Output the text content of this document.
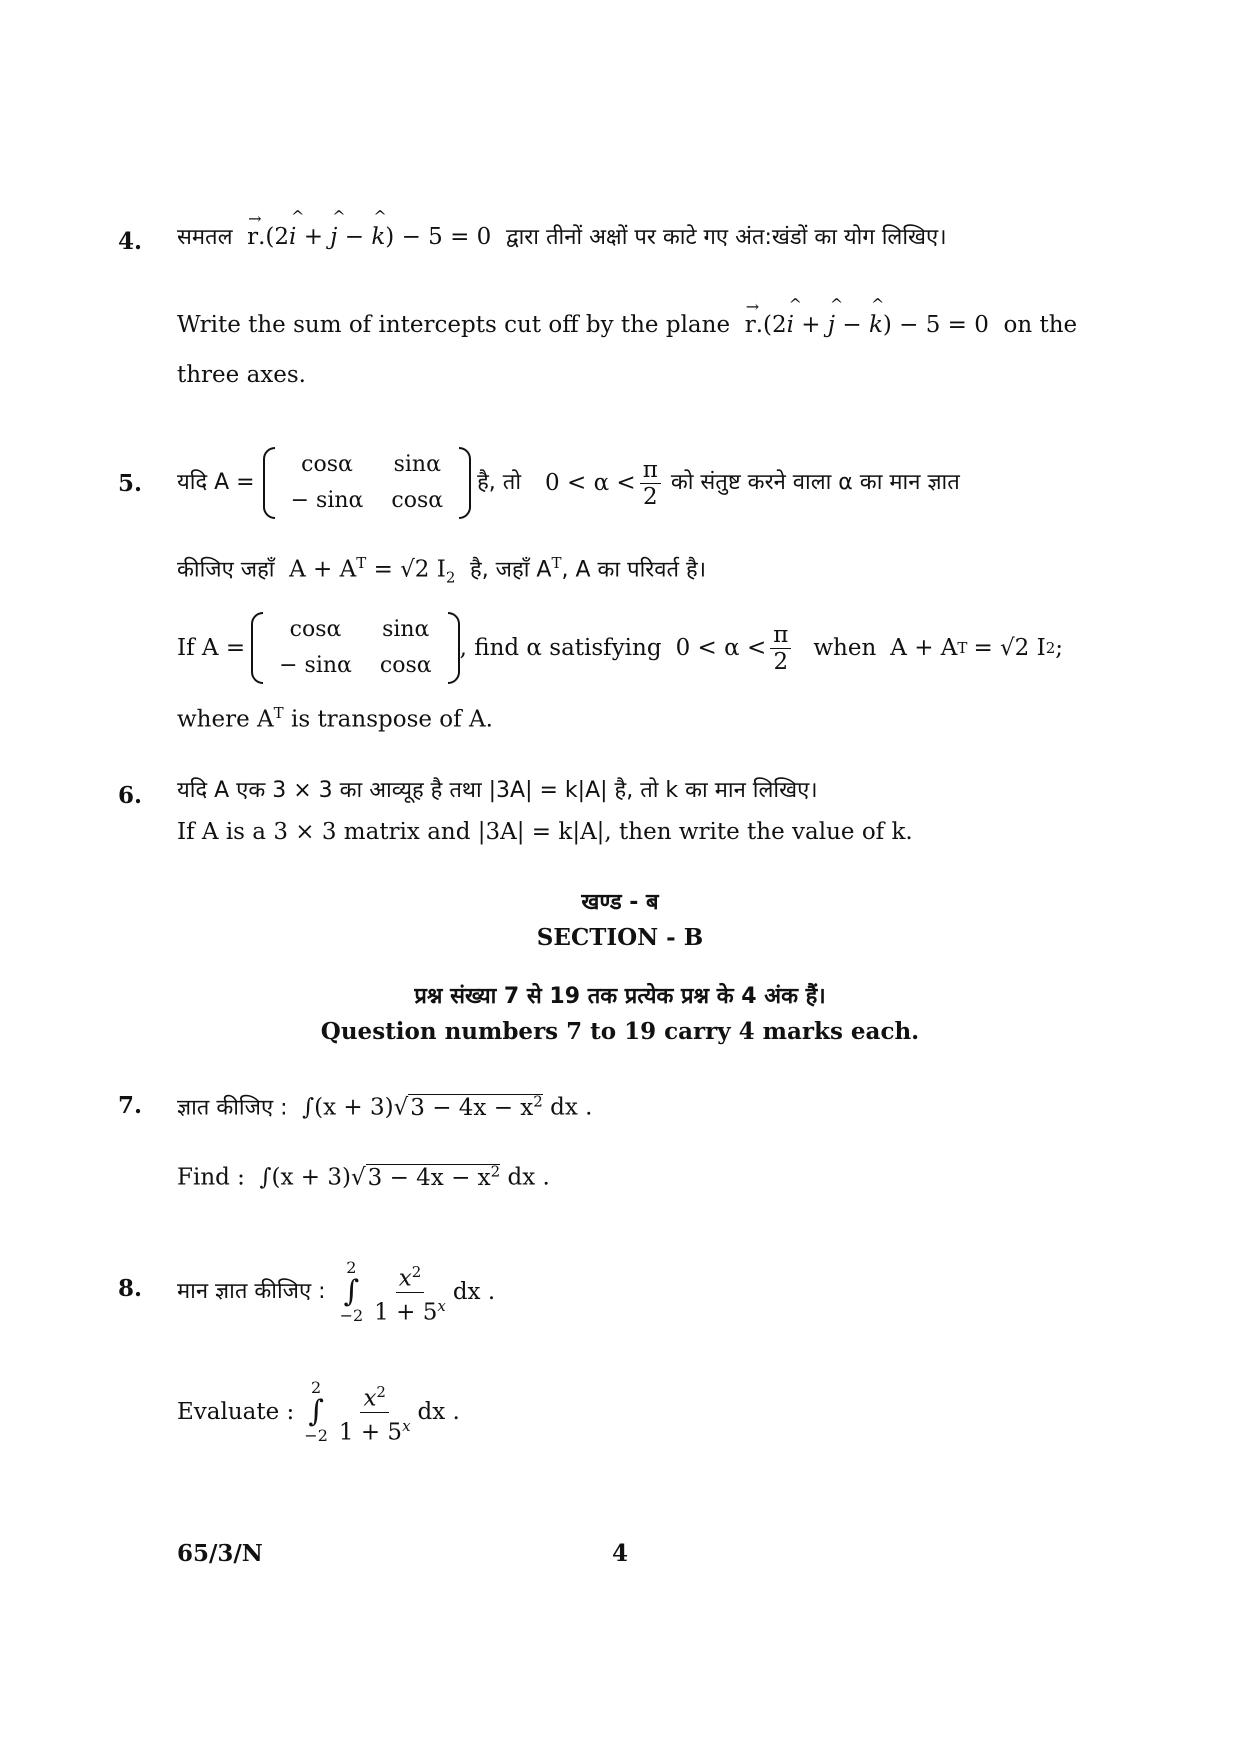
4. समतल
→
r.(2
^
i +
^
j −
^
k) − 5 = 0 द्वारा तीनों अक्षों पर काटे गए अंत:खंडों का योग लिखिए।
Write the sum of intercepts cut off by the plane
→
r.(2
^
i +
^
j −
^
k) − 5 = 0 on the
three axes.
5. यदि A =
cosα	sinα
− sinα	cosα
है, तो $0 < \alpha < \frac{\pi}{2}$ को संतुष्ट करने वाला α का मान ज्ञात
कीजिए जहाँ $A + A^T = √2$ $I_2$ है, जहाँ $A^T$, A का परिवर्त है।
If A =
cosα	sinα
− sinα	cosα
, find α satisfying $0 < \alpha < \frac{\pi}{2}$ when A + A T = √2 I 2 ;
where $A^T$ is transpose of A.
6. यदि A एक 3 × 3 का आव्यूह है तथा |3A| = k|A| है, तो k का मान लिखिए।
If A is a 3 × 3 matrix and |3A| = k|A|, then write the value of k.
खण्ड - ब
SECTION - B
प्रश्न संख्या 7 से 19 तक प्रत्येक प्रश्न के 4 अंक हैं।
Question numbers 7 to 19 carry 4 marks each.
7. ज्ञात कीजिए : $\int(x + 3)√3 - 4x - x^2$ dx .
Find : $\int(x + 3)√3 - 4x - x^2$ dx .
8. मान ज्ञात कीजिए :
2
∫
$-2 \frac{x^2}{1 + 5^x}$ dx .
Evaluate :
2
∫
$-2 \frac{x^2}{1 + 5^x}$ dx .
65/3/N	4
